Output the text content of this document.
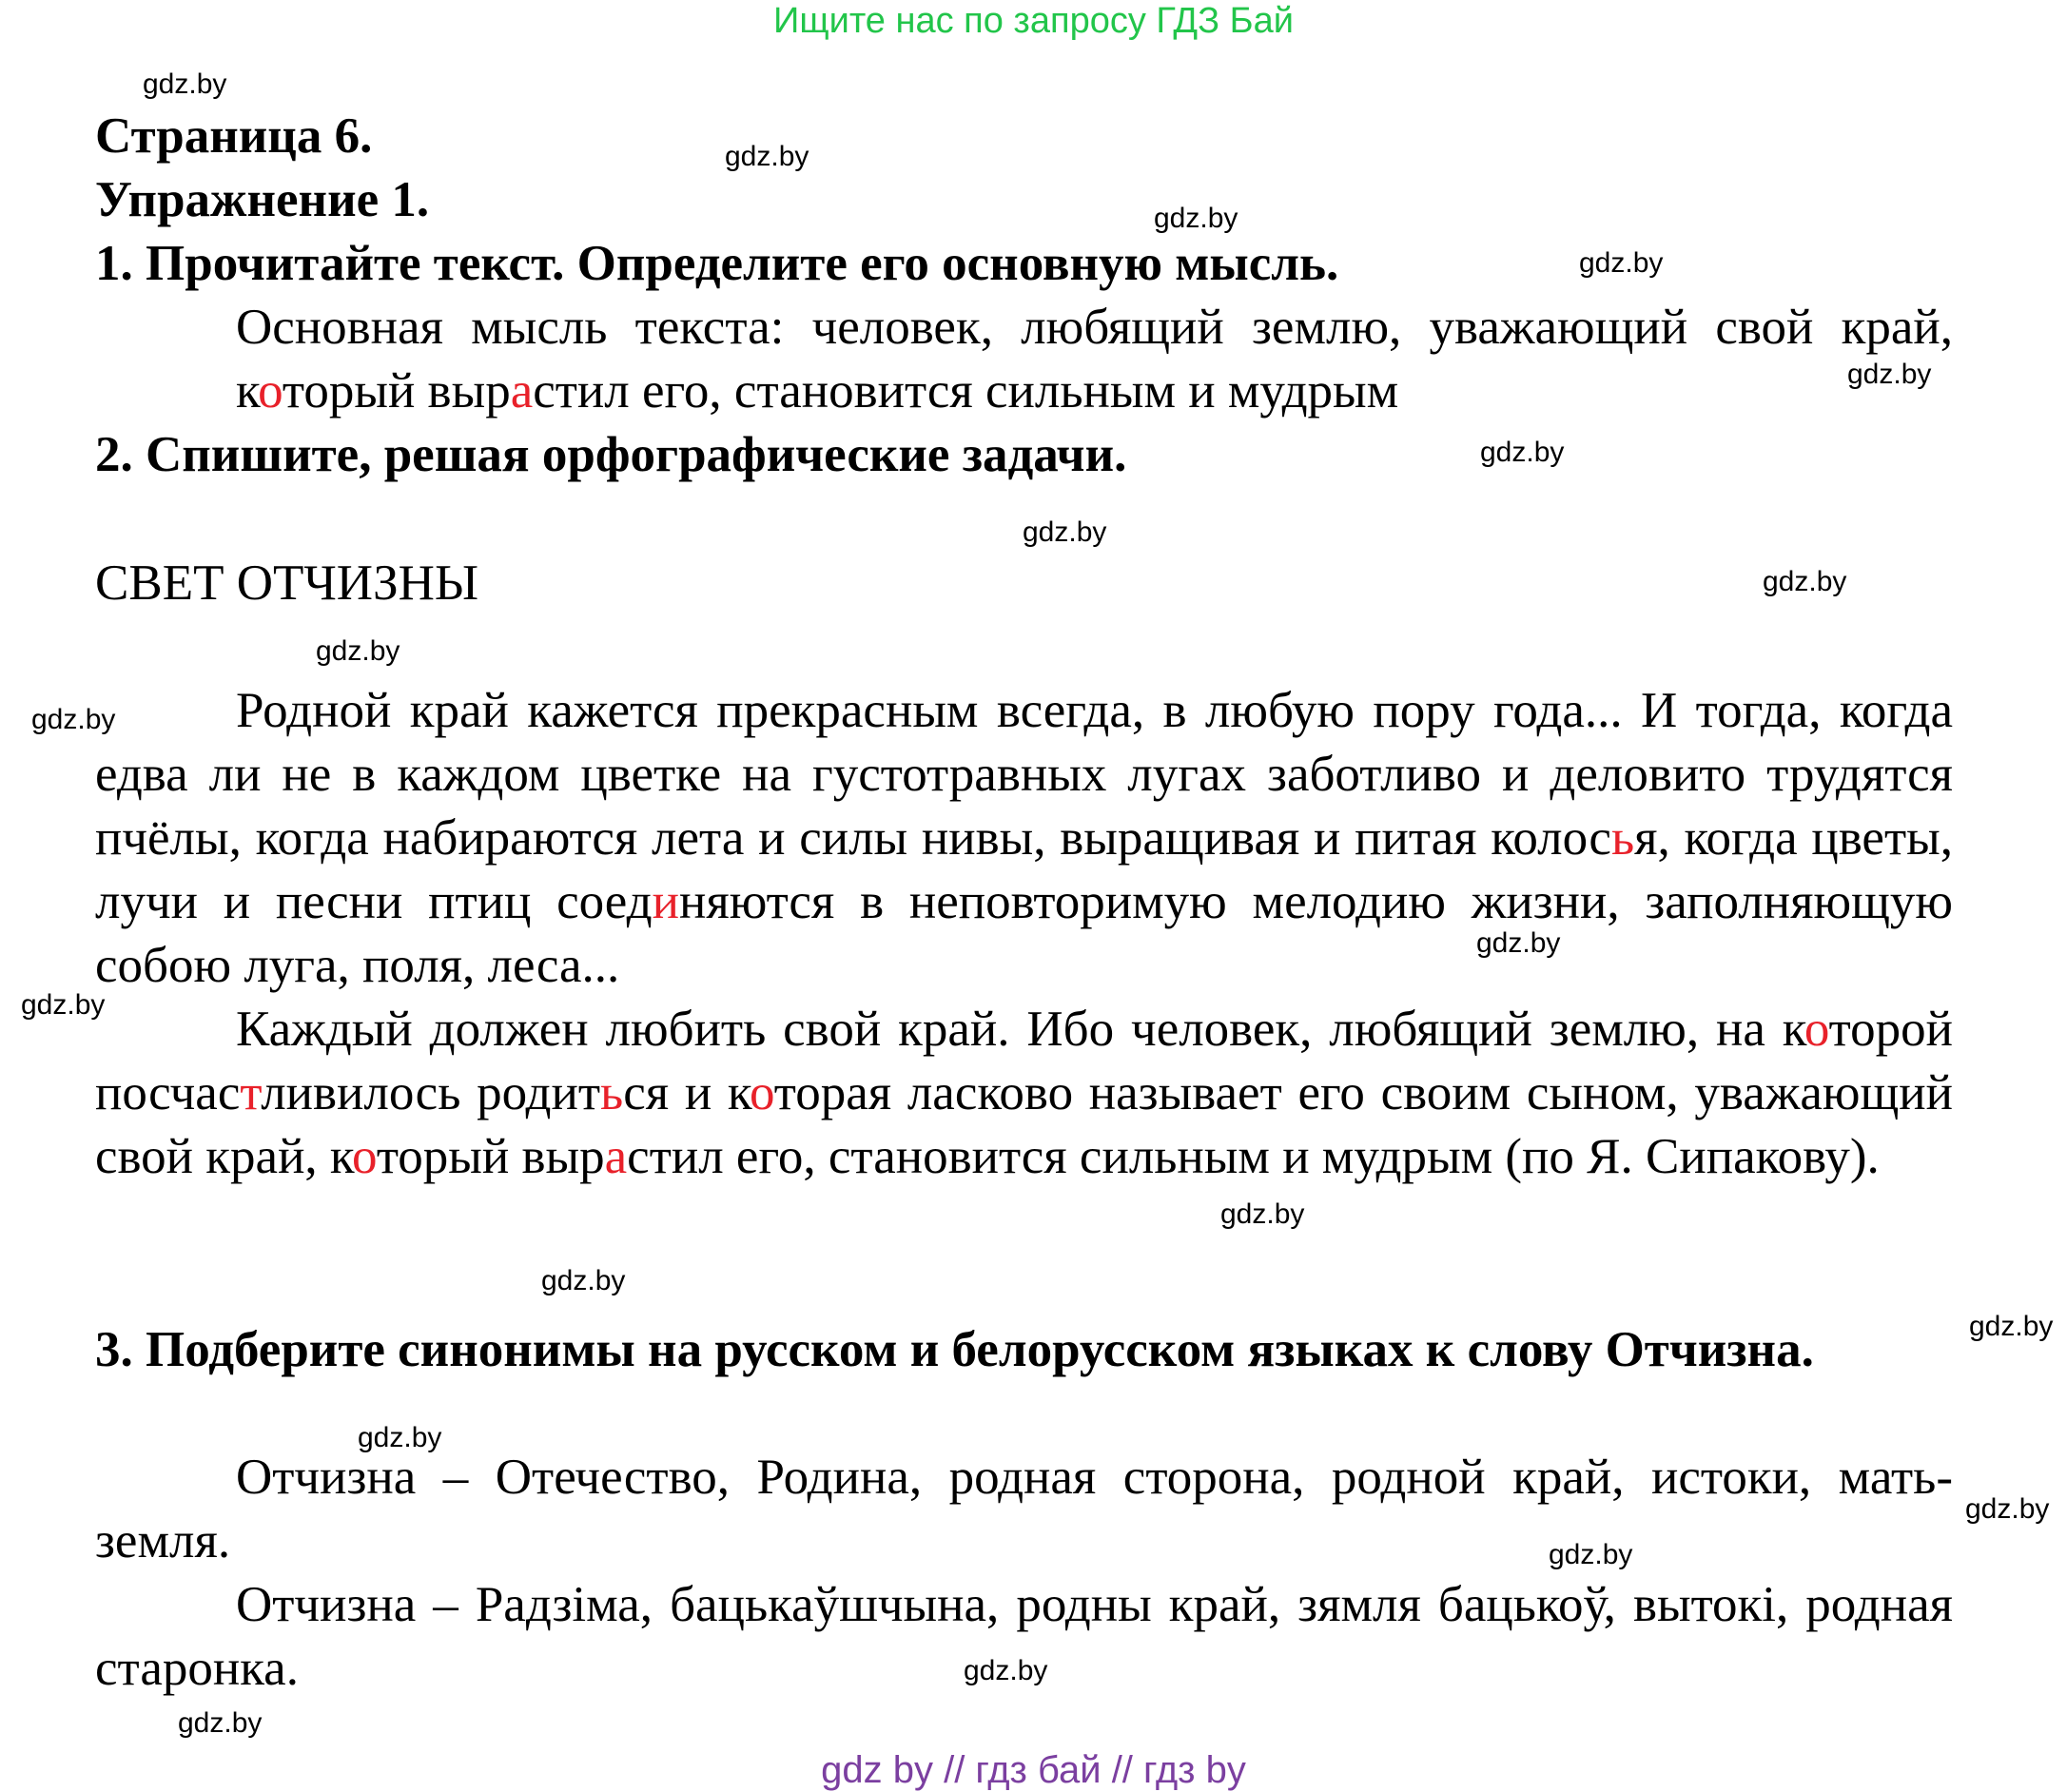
Ищите нас по запросу ГДЗ Бай
gdz.by
gdz.by
gdz.by
gdz.by
gdz.by
gdz.by
gdz.by
gdz.by
gdz.by
gdz.by
gdz.by
gdz.by
gdz.by
gdz.by
gdz.by
gdz.by
gdz.by
gdz.by
gdz.by
gdz.by
Страница 6.
Упражнение 1.
1. Прочитайте текст. Определите его основную мысль.

Основная мысль текста: человек, любящий землю, уважающий свой край, который вырастил его, становится сильным и мудрым

2. Спишите, решая орфографические задачи.
СВЕТ ОТЧИЗНЫ

Родной край кажется прекрасным всегда, в любую пору года... И тогда, когда едва ли не в каждом цветке на густотравных лугах заботливо и деловито трудятся пчёлы, когда набираются лета и силы нивы, выращивая и питая колосья, когда цветы, лучи и песни птиц соединяются в неповторимую мелодию жизни, заполняющую собою луга, поля, леса...

Каждый должен любить свой край. Ибо человек, любящий землю, на которой посчастливилось родиться и которая ласково называет его своим сыном, уважающий свой край, который вырастил его, становится сильным и мудрым (по Я. Сипакову).

3. Подберите синонимы на русском и белорусском языках к слову Отчизна.

Отчизна – Отечество, Родина, родная сторона, родной край, истоки, мать-земля.

Отчизна – Радзіма, бацькаўшчына, родны край, зямля бацькоў, вытокі, родная старонка.

gdz by // гдз бай // гдз by
